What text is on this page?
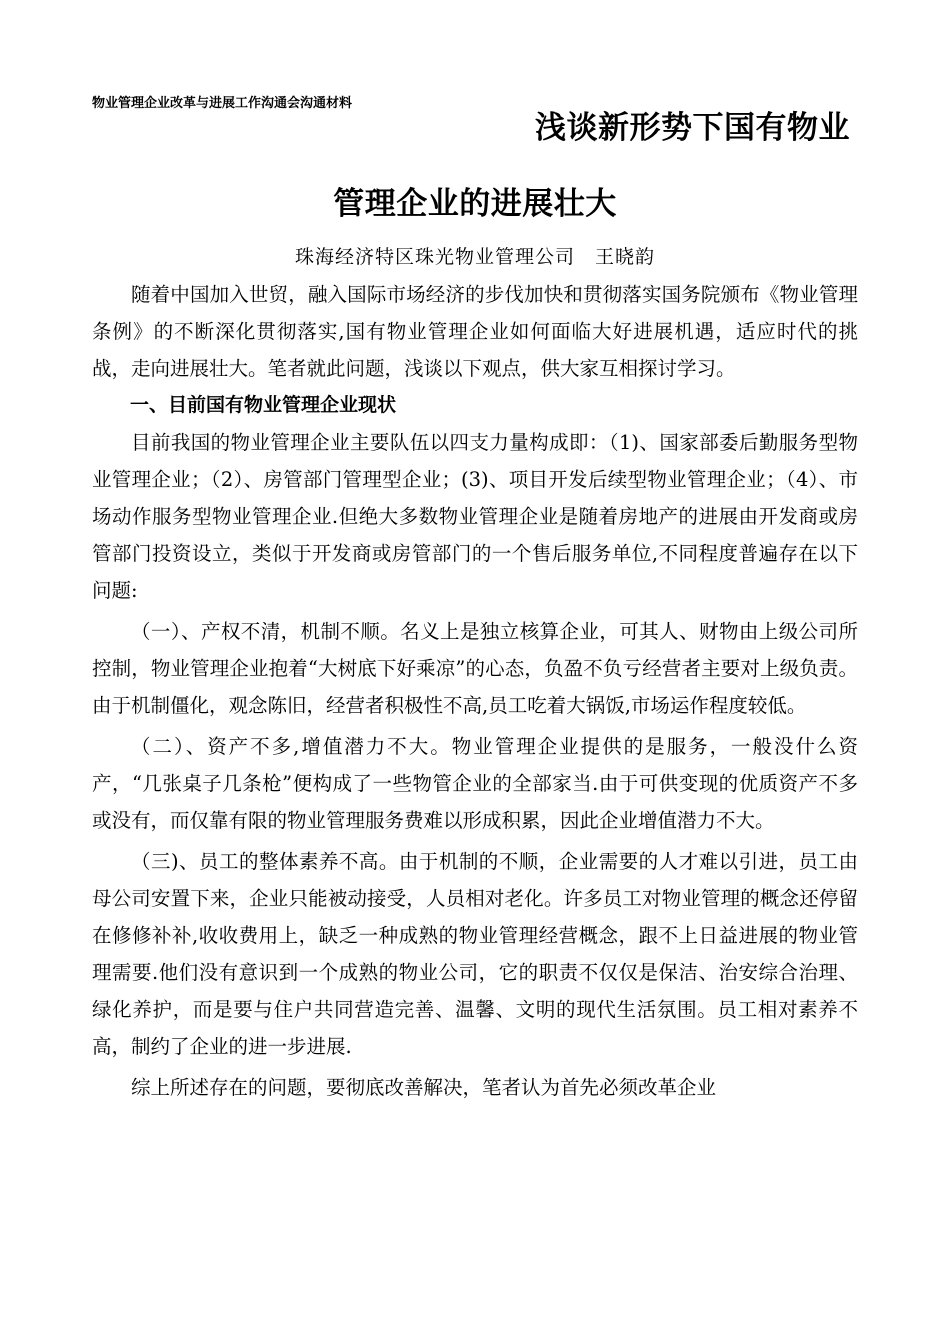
物业管理企业改革与进展工作沟通会沟通材料
浅谈新形势下国有物业
管理企业的进展壮大
珠海经济特区珠光物业管理公司　王晓韵

随着中国加入世贸，融入国际市场经济的步伐加快和贯彻落实国务院颁布《物业管理条例》的不断深化贯彻落实,国有物业管理企业如何面临大好进展机遇，适应时代的挑战，走向进展壮大。笔者就此问题，浅谈以下观点，供大家互相探讨学习。

一、目前国有物业管理企业现状

目前我国的物业管理企业主要队伍以四支力量构成即：（1)、国家部委后勤服务型物业管理企业；（2）、房管部门管理型企业；(3)、项目开发后续型物业管理企业；（4）、市场动作服务型物业管理企业.但绝大多数物业管理企业是随着房地产的进展由开发商或房管部门投资设立，类似于开发商或房管部门的一个售后服务单位,不同程度普遍存在以下问题:

（一）、产权不清，机制不顺。名义上是独立核算企业，可其人、财物由上级公司所控制，物业管理企业抱着“大树底下好乘凉”的心态，负盈不负亏经营者主要对上级负责。由于机制僵化，观念陈旧，经营者积极性不高,员工吃着大锅饭,市场运作程度较低。

（二）、资产不多,增值潜力不大。物业管理企业提供的是服务，一般没什么资产，“几张桌子几条枪”便构成了一些物管企业的全部家当.由于可供变现的优质资产不多或没有，而仅靠有限的物业管理服务费难以形成积累，因此企业增值潜力不大。

（三)、员工的整体素养不高。由于机制的不顺，企业需要的人才难以引进，员工由母公司安置下来，企业只能被动接受，人员相对老化。许多员工对物业管理的概念还停留在修修补补,收收费用上，缺乏一种成熟的物业管理经营概念，跟不上日益进展的物业管理需要.他们没有意识到一个成熟的物业公司，它的职责不仅仅是保洁、治安综合治理、绿化养护，而是要与住户共同营造完善、温馨、文明的现代生活氛围。员工相对素养不高，制约了企业的进一步进展.

综上所述存在的问题，要彻底改善解决，笔者认为首先必须改革企业
